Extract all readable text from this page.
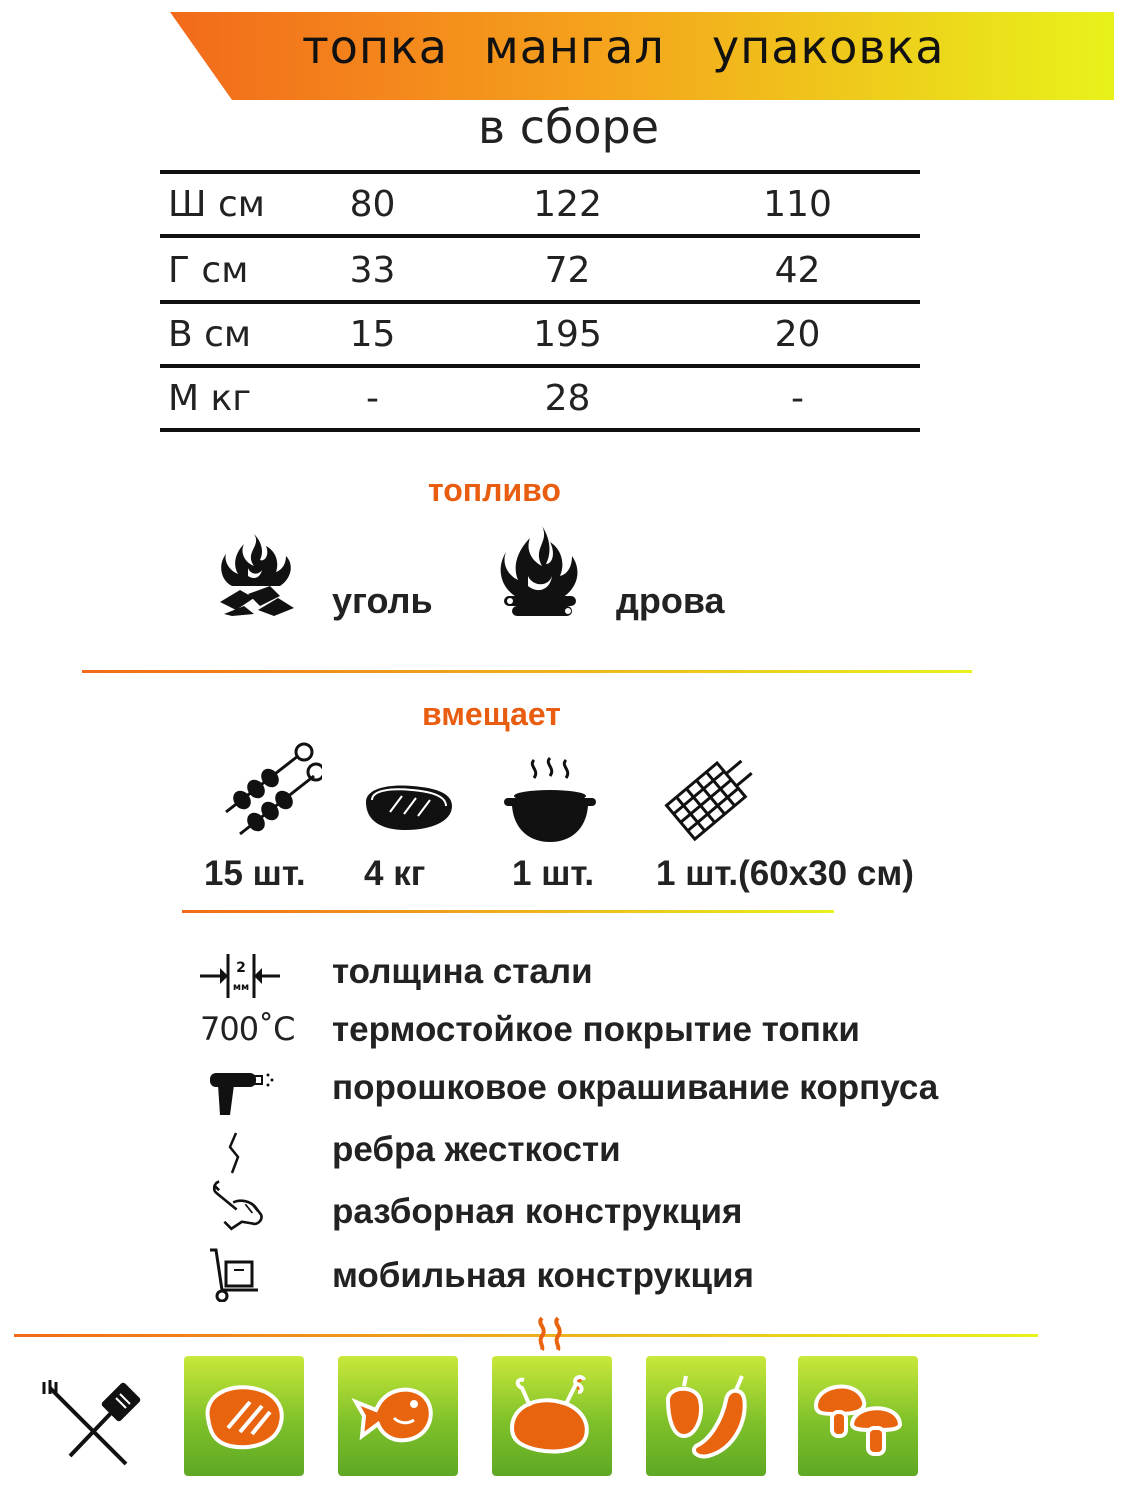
топка мангал упаковка
в сборе
Ш см	80	122	110
Г см	33	72	42
В см	15	195	20
М кг	-	28	-
топливо
уголь	дрова
вмещает
15 шт. 4 кг 1 шт. 1 шт.(60х30 см)
2
мм толщина стали
700˚С термостойкое покрытие топки
порошковое окрашивание корпуса
ребра жесткости
разборная конструкция
мобильная конструкция
